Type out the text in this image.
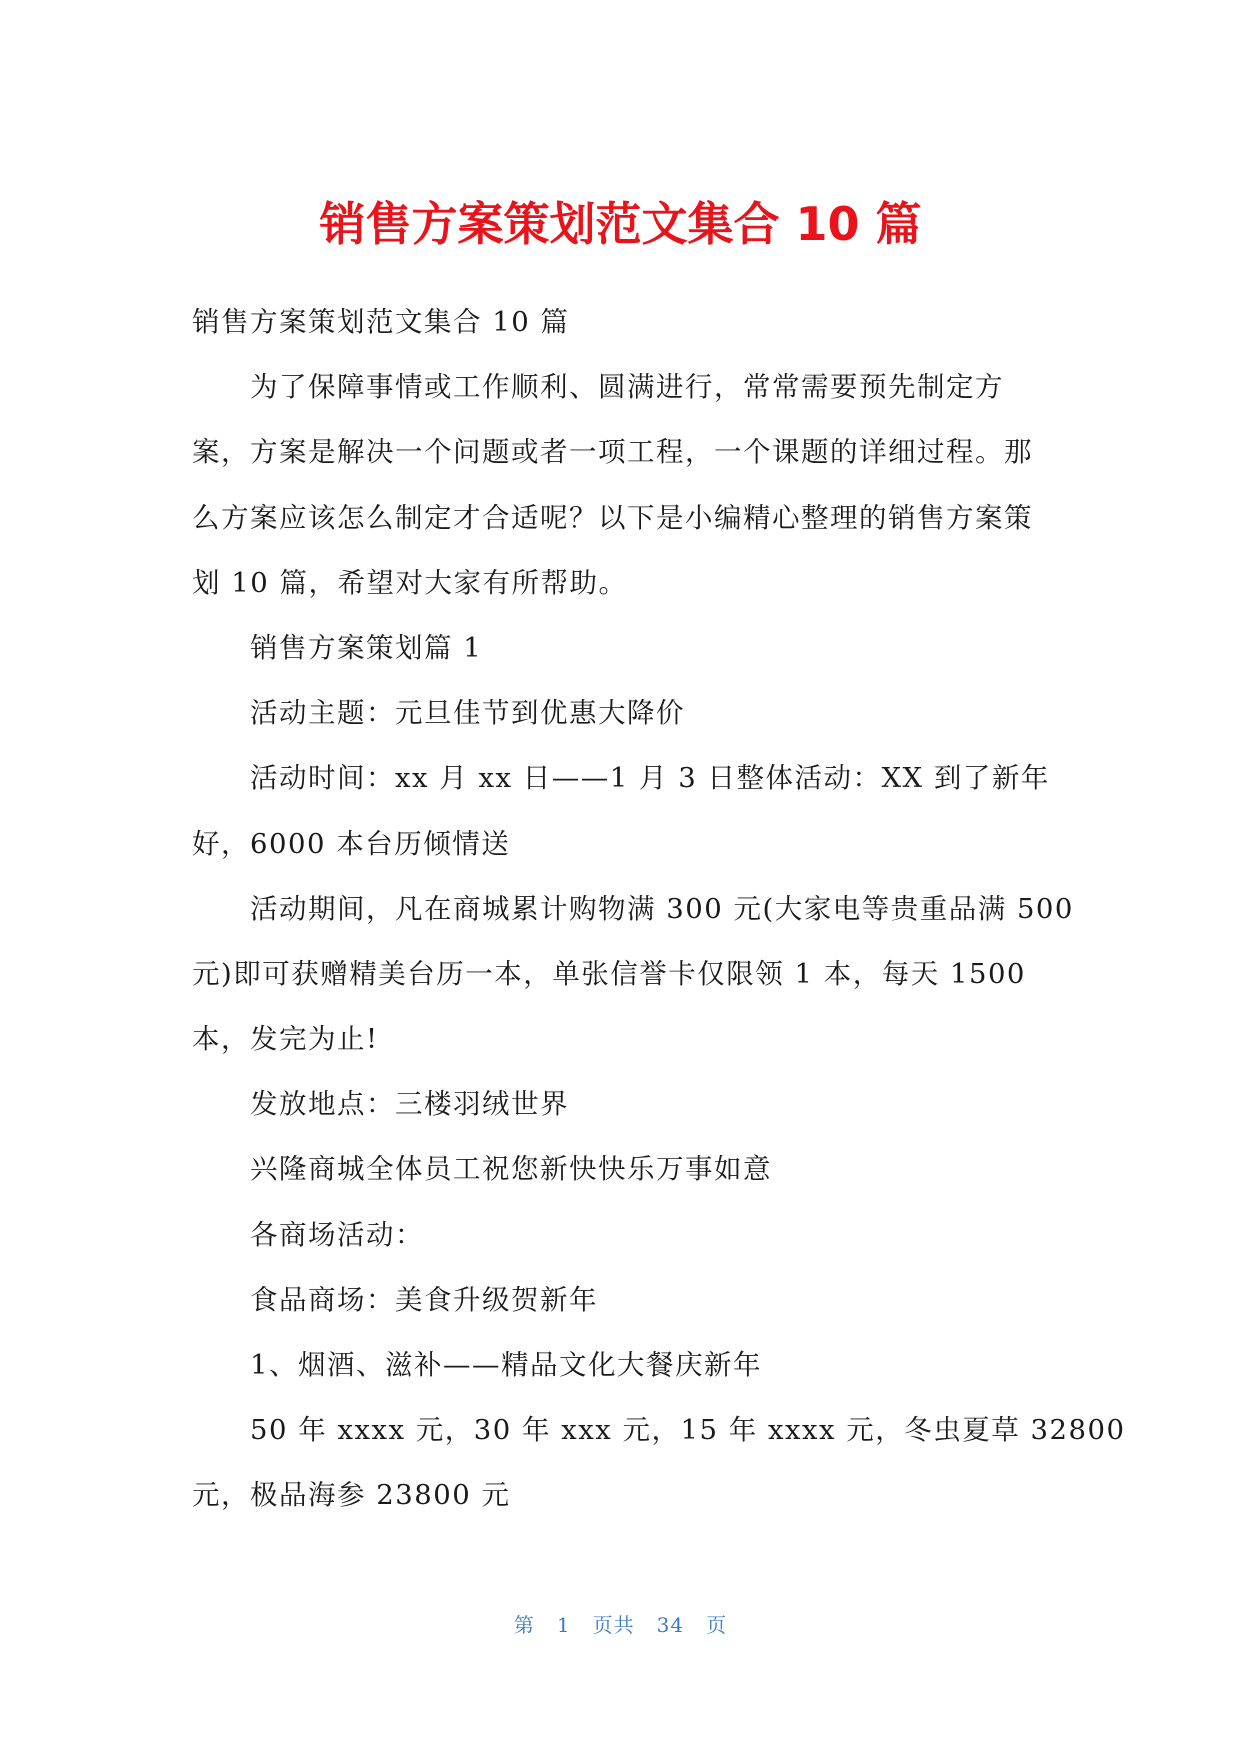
销售方案策划范文集合 10 篇
销售方案策划范文集合 10 篇
为了保障事情或工作顺利、圆满进行，常常需要预先制定方
案，方案是解决一个问题或者一项工程，一个课题的详细过程。那
么方案应该怎么制定才合适呢？以下是小编精心整理的销售方案策
划 10 篇，希望对大家有所帮助。
销售方案策划篇 1
活动主题：元旦佳节到优惠大降价
活动时间：xx 月 xx 日——1 月 3 日整体活动：XX 到了新年
好，6000 本台历倾情送
活动期间，凡在商城累计购物满 300 元(大家电等贵重品满 500
元)即可获赠精美台历一本，单张信誉卡仅限领 1 本，每天 1500
本，发完为止!
发放地点：三楼羽绒世界
兴隆商城全体员工祝您新快快乐万事如意
各商场活动：
食品商场：美食升级贺新年
1、烟酒、滋补——精品文化大餐庆新年
50 年 xxxx 元，30 年 xxx 元，15 年 xxxx 元，冬虫夏草 32800
元，极品海参 23800 元
第 1 页共 34 页
